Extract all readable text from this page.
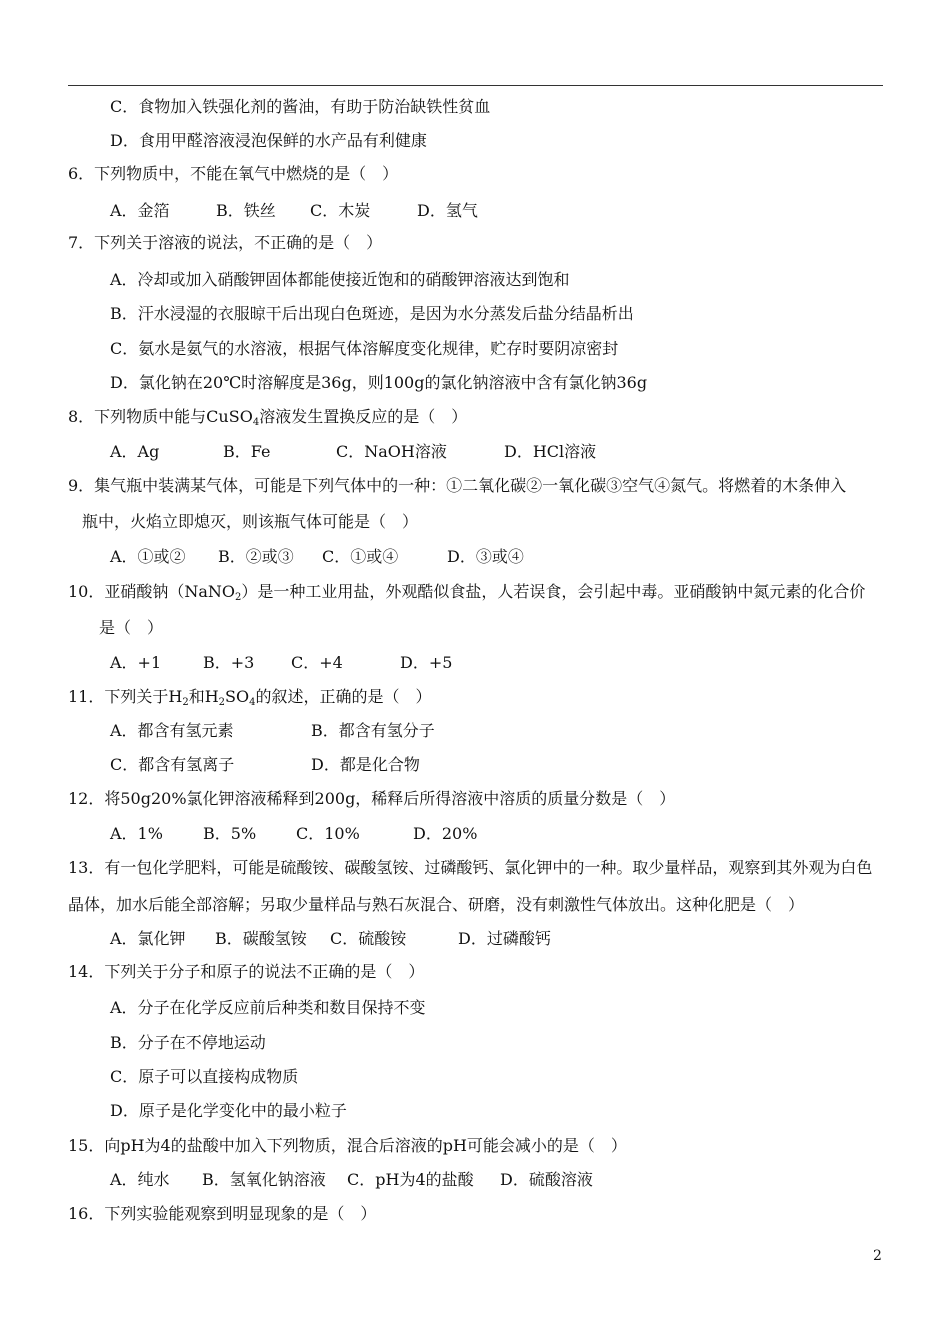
C．食物加入铁强化剂的酱油，有助于防治缺铁性贫血
D．食用甲醛溶液浸泡保鲜的水产品有利健康
6．下列物质中，不能在氧气中燃烧的是（　）
A．金箔	B．铁丝 C．木炭	D．氢气
7．下列关于溶液的说法，不正确的是（　）
A．冷却或加入硝酸钾固体都能使接近饱和的硝酸钾溶液达到饱和
B．汗水浸湿的衣服晾干后出现白色斑迹，是因为水分蒸发后盐分结晶析出
C．氨水是氨气的水溶液，根据气体溶解度变化规律，贮存时要阴凉密封
D．氯化钠在20℃时溶解度是36g，则100g的氯化钠溶液中含有氯化钠36g
8．下列物质中能与CuSO$_4$溶液发生置换反应的是（　）
A．Ag	B．Fe	C．NaOH溶液	D．HCl溶液
9．集气瓶中装满某气体，可能是下列气体中的一种：①二氧化碳②一氧化碳③空气④氮气。将燃着的木条伸入
瓶中，火焰立即熄灭，则该瓶气体可能是（　）
A．①或② B．②或③ C．①或④	D．③或④
10．亚硝酸钠（NaNO$_2$）是一种工业用盐，外观酷似食盐，人若误食，会引起中毒。亚硝酸钠中氮元素的化合价
是（　）
A．+1	B．+3 C．+4	D．+5
11．下列关于$H_2$和$H_2SO_4$的叙述，正确的是（　）
A．都含有氢元素	B．都含有氢分子
C．都含有氢离子	D．都是化合物
12．将50g20%氯化钾溶液稀释到200g，稀释后所得溶液中溶质的质量分数是（　）
A．1%	B．5% C．10%	D．20%
13．有一包化学肥料，可能是硫酸铵、碳酸氢铵、过磷酸钙、氯化钾中的一种。取少量样品，观察到其外观为白色
晶体，加水后能全部溶解；另取少量样品与熟石灰混合、研磨，没有刺激性气体放出。这种化肥是（　）
A．氯化钾 B．碳酸氢铵 C．硫酸铵	D．过磷酸钙
14．下列关于分子和原子的说法不正确的是（　）
A．分子在化学反应前后种类和数目保持不变
B．分子在不停地运动
C．原子可以直接构成物质
D．原子是化学变化中的最小粒子
15．向pH为4的盐酸中加入下列物质，混合后溶液的pH可能会减小的是（　）
A．纯水 B．氢氧化钠溶液 C．pH为4的盐酸 D．硫酸溶液
16．下列实验能观察到明显现象的是（　）
2
